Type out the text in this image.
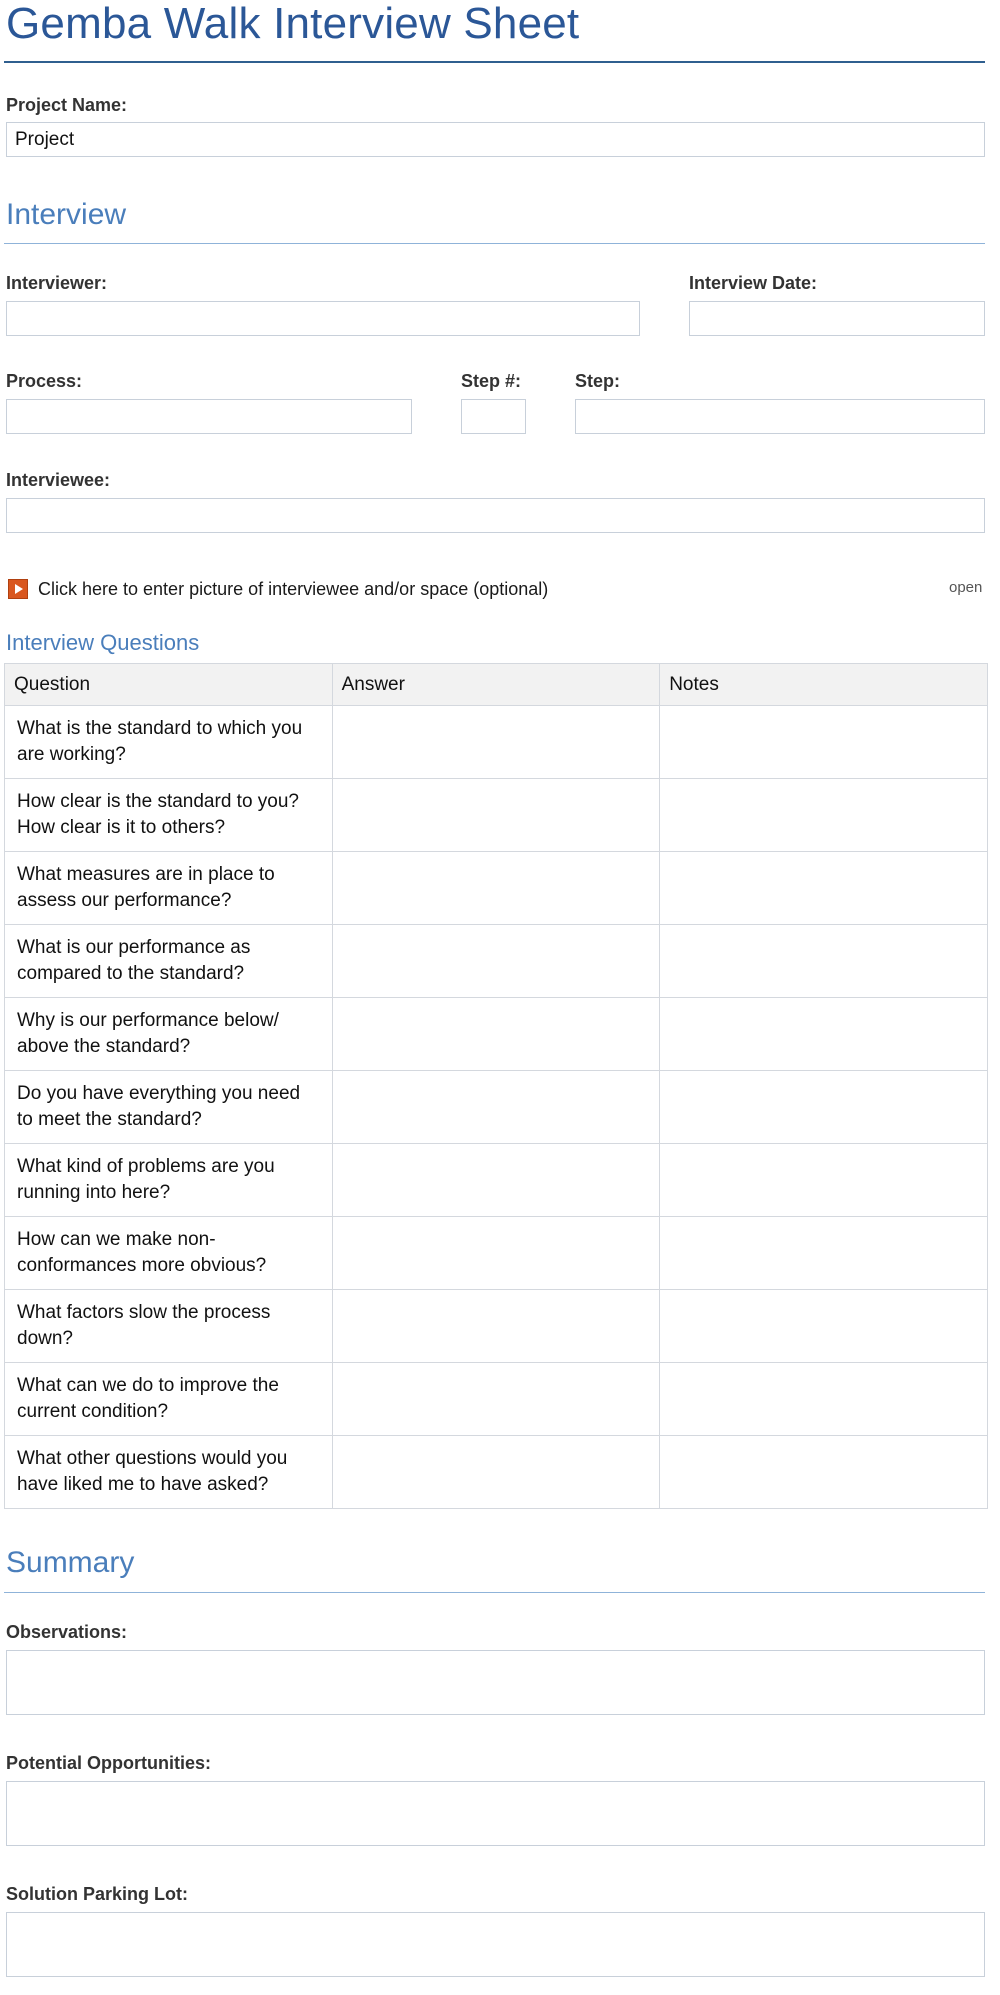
Gemba Walk Interview Sheet
Project Name:
Project
Interview
Interviewer:	Interview Date:
Process:	Step #:	Step:
Interviewee:
Click here to enter picture of interviewee and/or space (optional)	open
Interview Questions
Question	Answer	Notes
What is the standard to which you are working?		
How clear is the standard to you? How clear is it to others?		
What measures are in place to assess our performance?		
What is our performance as compared to the standard?		
Why is our performance below/ above the standard?		
Do you have everything you need to meet the standard?		
What kind of problems are you running into here?		
How can we make non-conformances more obvious?		
What factors slow the process down?		
What can we do to improve the current condition?		
What other questions would you have liked me to have asked?		
Summary
Observations:
Potential Opportunities:
Solution Parking Lot:
